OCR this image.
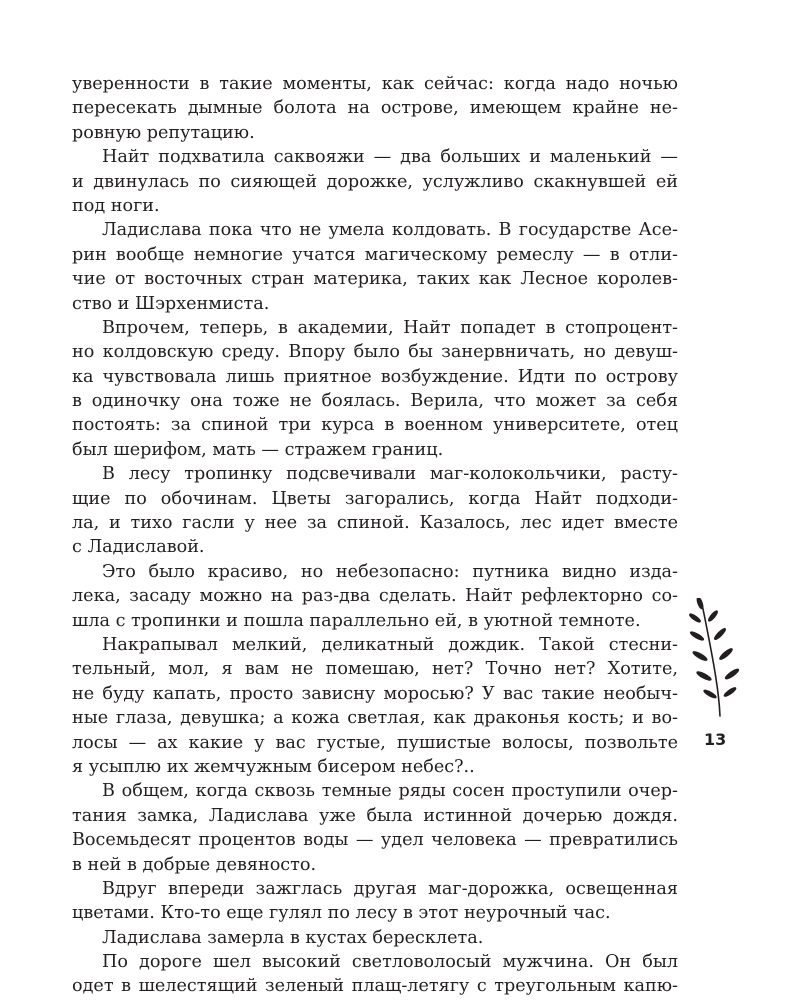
уверенности в такие моменты, как сейчас: когда надо ночью
пересекать дымные болота на острове, имеющем крайне не-
ровную репутацию.
Найт подхватила саквояжи — два больших и маленький —
и двинулась по сияющей дорожке, услужливо скакнувшей ей
под ноги.
Ладислава пока что не умела колдовать. В государстве Асе-
рин вообще немногие учатся магическому ремеслу — в отли-
чие от восточных стран материка, таких как Лесное королев-
ство и Шэрхенмиста.
Впрочем, теперь, в академии, Найт попадет в стопроцент-
но колдовскую среду. Впору было бы занервничать, но девуш-
ка чувствовала лишь приятное возбуждение. Идти по острову
в одиночку она тоже не боялась. Верила, что может за себя
постоять: за спиной три курса в военном университете, отец
был шерифом, мать — стражем границ.
В лесу тропинку подсвечивали маг-колокольчики, расту-
щие по обочинам. Цветы загорались, когда Найт подходи-
ла, и тихо гасли у нее за спиной. Казалось, лес идет вместе
с Ладиславой.
Это было красиво, но небезопасно: путника видно изда-
лека, засаду можно на раз-два сделать. Найт рефлекторно со-
шла с тропинки и пошла параллельно ей, в уютной темноте.
Накрапывал мелкий, деликатный дождик. Такой стесни-
тельный, мол, я вам не помешаю, нет? Точно нет? Хотите,
не буду капать, просто зависну моросью? У вас такие необыч-
ные глаза, девушка; а кожа светлая, как драконья кость; и во-
лосы — ах какие у вас густые, пушистые волосы, позвольте
я усыплю их жемчужным бисером небес?..
В общем, когда сквозь темные ряды сосен проступили очер-
тания замка, Ладислава уже была истинной дочерью дождя.
Восемьдесят процентов воды — удел человека — превратились
в ней в добрые девяносто.
Вдруг впереди зажглась другая маг-дорожка, освещенная
цветами. Кто-то еще гулял по лесу в этот неурочный час.
Ладислава замерла в кустах бересклета.
По дороге шел высокий светловолосый мужчина. Он был
одет в шелестящий зеленый плащ-летягу с треугольным капю-
13
